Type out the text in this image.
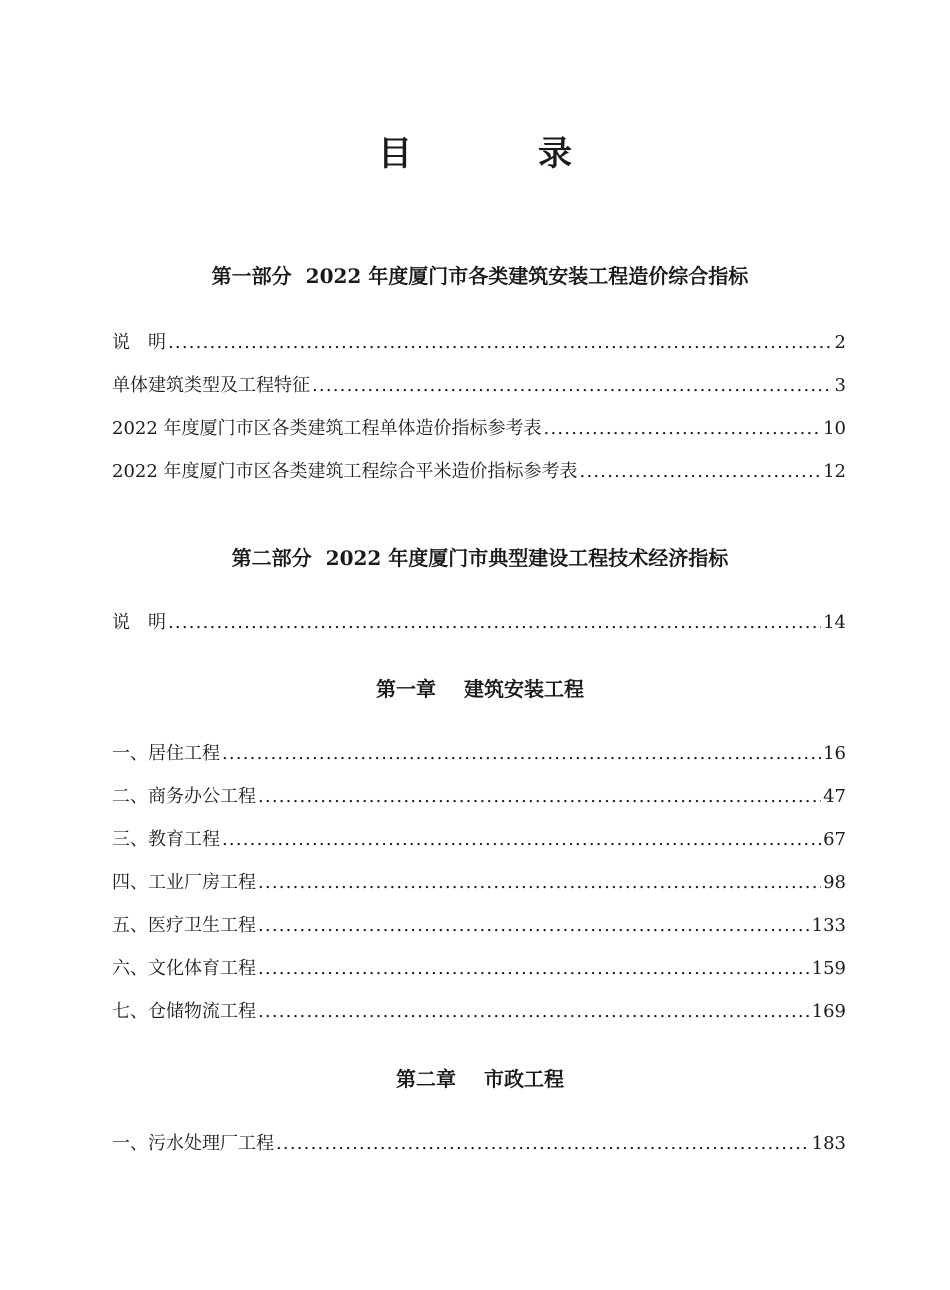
目　录
第一部分 2022 年度厦门市各类建筑安装工程造价综合指标
说　明 .....	2
单体建筑类型及工程特征 .....	3
2022 年度厦门市区各类建筑工程单体造价指标参考表 .....	10
2022 年度厦门市区各类建筑工程综合平米造价指标参考表 .....	12
第二部分 2022 年度厦门市典型建设工程技术经济指标
说　明 .....	14
第一章 建筑安装工程
一、居住工程 .....	16
二、商务办公工程 .....	47
三、教育工程 .....	67
四、工业厂房工程 .....	98
五、医疗卫生工程 .....	133
六、文化体育工程 .....	159
七、仓储物流工程 .....	169
第二章 市政工程
一、污水处理厂工程 .....	183
